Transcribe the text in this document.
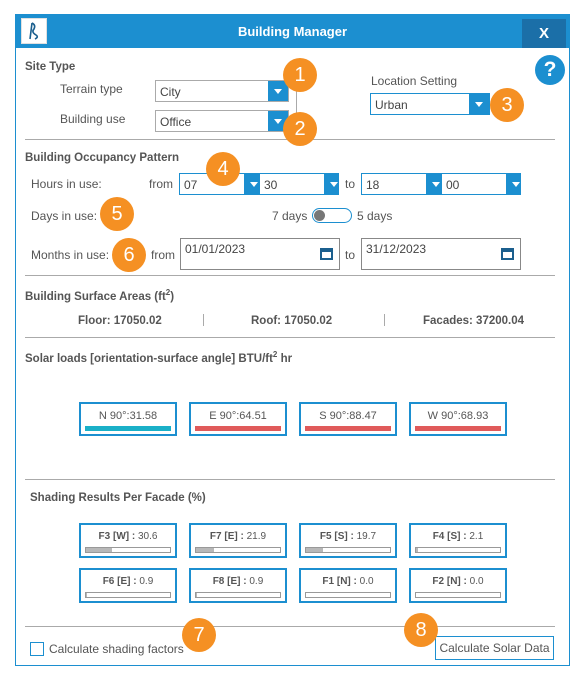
Building Manager	X
Site Type
Terrain type	City
Building use	Office
Location Setting
Urban
?
Building Occupancy Pattern
Hours in use:	from 07	30	to 18	00
Days in use:	7 days	5 days
Months in use:	from 01/01/2023	to 31/12/2023
Building Surface Areas $(ft^2)$
Floor: 17050.02	Roof: 17050.02	Facades: 37200.04
Solar loads [orientation-surface angle] BTU/$ft^2$ hr
N 90°:31.58	E 90°:64.51	S 90°:88.47	W 90°:68.93
Shading Results Per Facade (%)
F3 [W] : 30.6	F7 [E] : 21.9	F5 [S] : 19.7	F4 [S] : 2.1
F6 [E] : 0.9	F8 [E] : 0.9	F1 [N] : 0.0	F2 [N] : 0.0
Calculate shading factors	Calculate Solar Data
1
2
3
4
5
6
7	8
